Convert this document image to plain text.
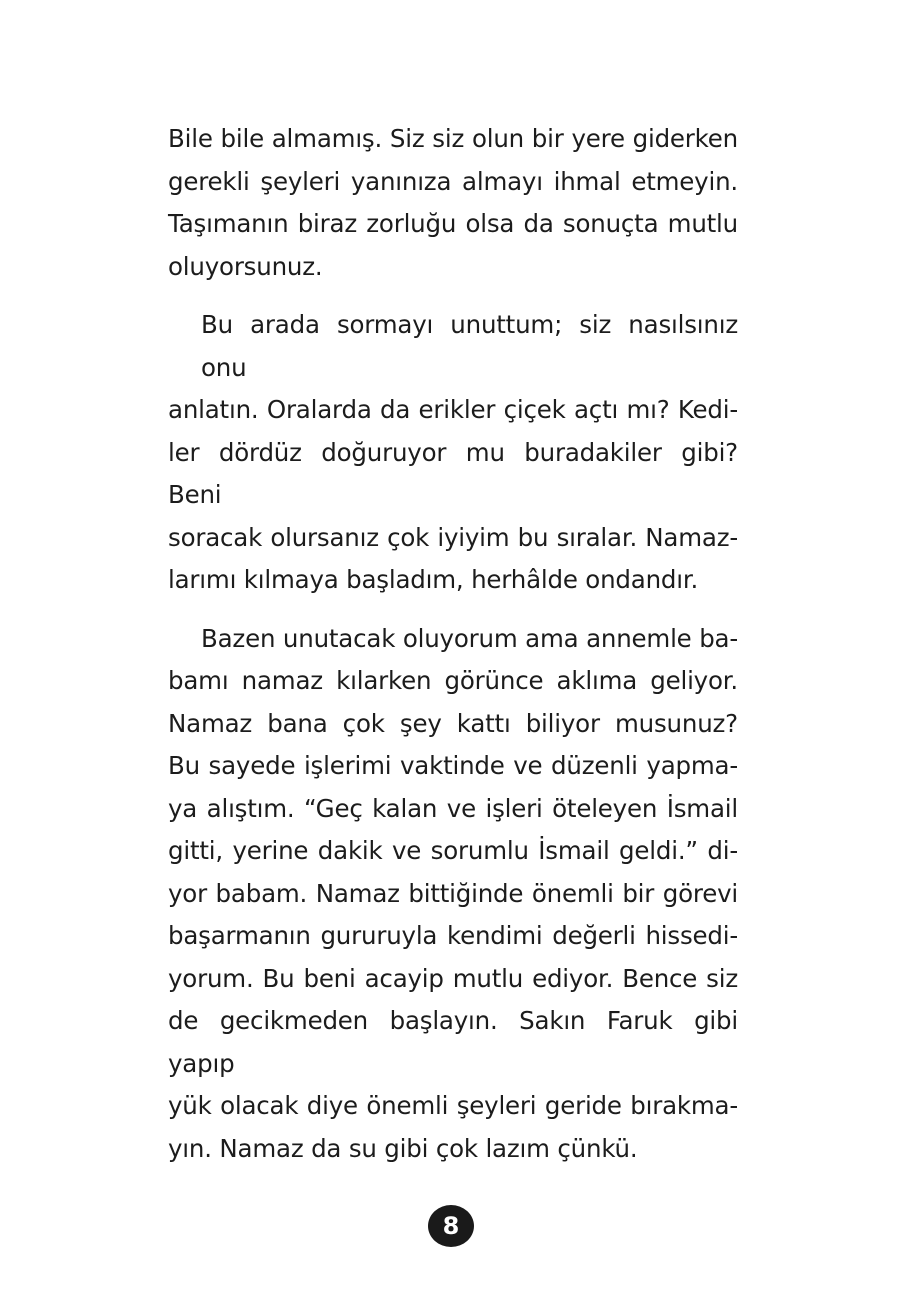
Bile bile almamış. Siz siz olun bir yere giderken
gerekli şeyleri yanınıza almayı ihmal etmeyin.
Taşımanın biraz zorluğu olsa da sonuçta mutlu
oluyorsunuz.

Bu arada sormayı unuttum; siz nasılsınız onu
anlatın. Oralarda da erikler çiçek açtı mı? Kedi-
ler dördüz doğuruyor mu buradakiler gibi? Beni
soracak olursanız çok iyiyim bu sıralar. Namaz-
larımı kılmaya başladım, herhâlde ondandır.

Bazen unutacak oluyorum ama annemle ba-
bamı namaz kılarken görünce aklıma geliyor.
Namaz bana çok şey kattı biliyor musunuz?
Bu sayede işlerimi vaktinde ve düzenli yapma-
ya alıştım. “Geç kalan ve işleri öteleyen İsmail
gitti, yerine dakik ve sorumlu İsmail geldi.” di-
yor babam. Namaz bittiğinde önemli bir görevi
başarmanın gururuyla kendimi değerli hissedi-
yorum. Bu beni acayip mutlu ediyor. Bence siz
de gecikmeden başlayın. Sakın Faruk gibi yapıp
yük olacak diye önemli şeyleri geride bırakma-
yın. Namaz da su gibi çok lazım çünkü.

8
